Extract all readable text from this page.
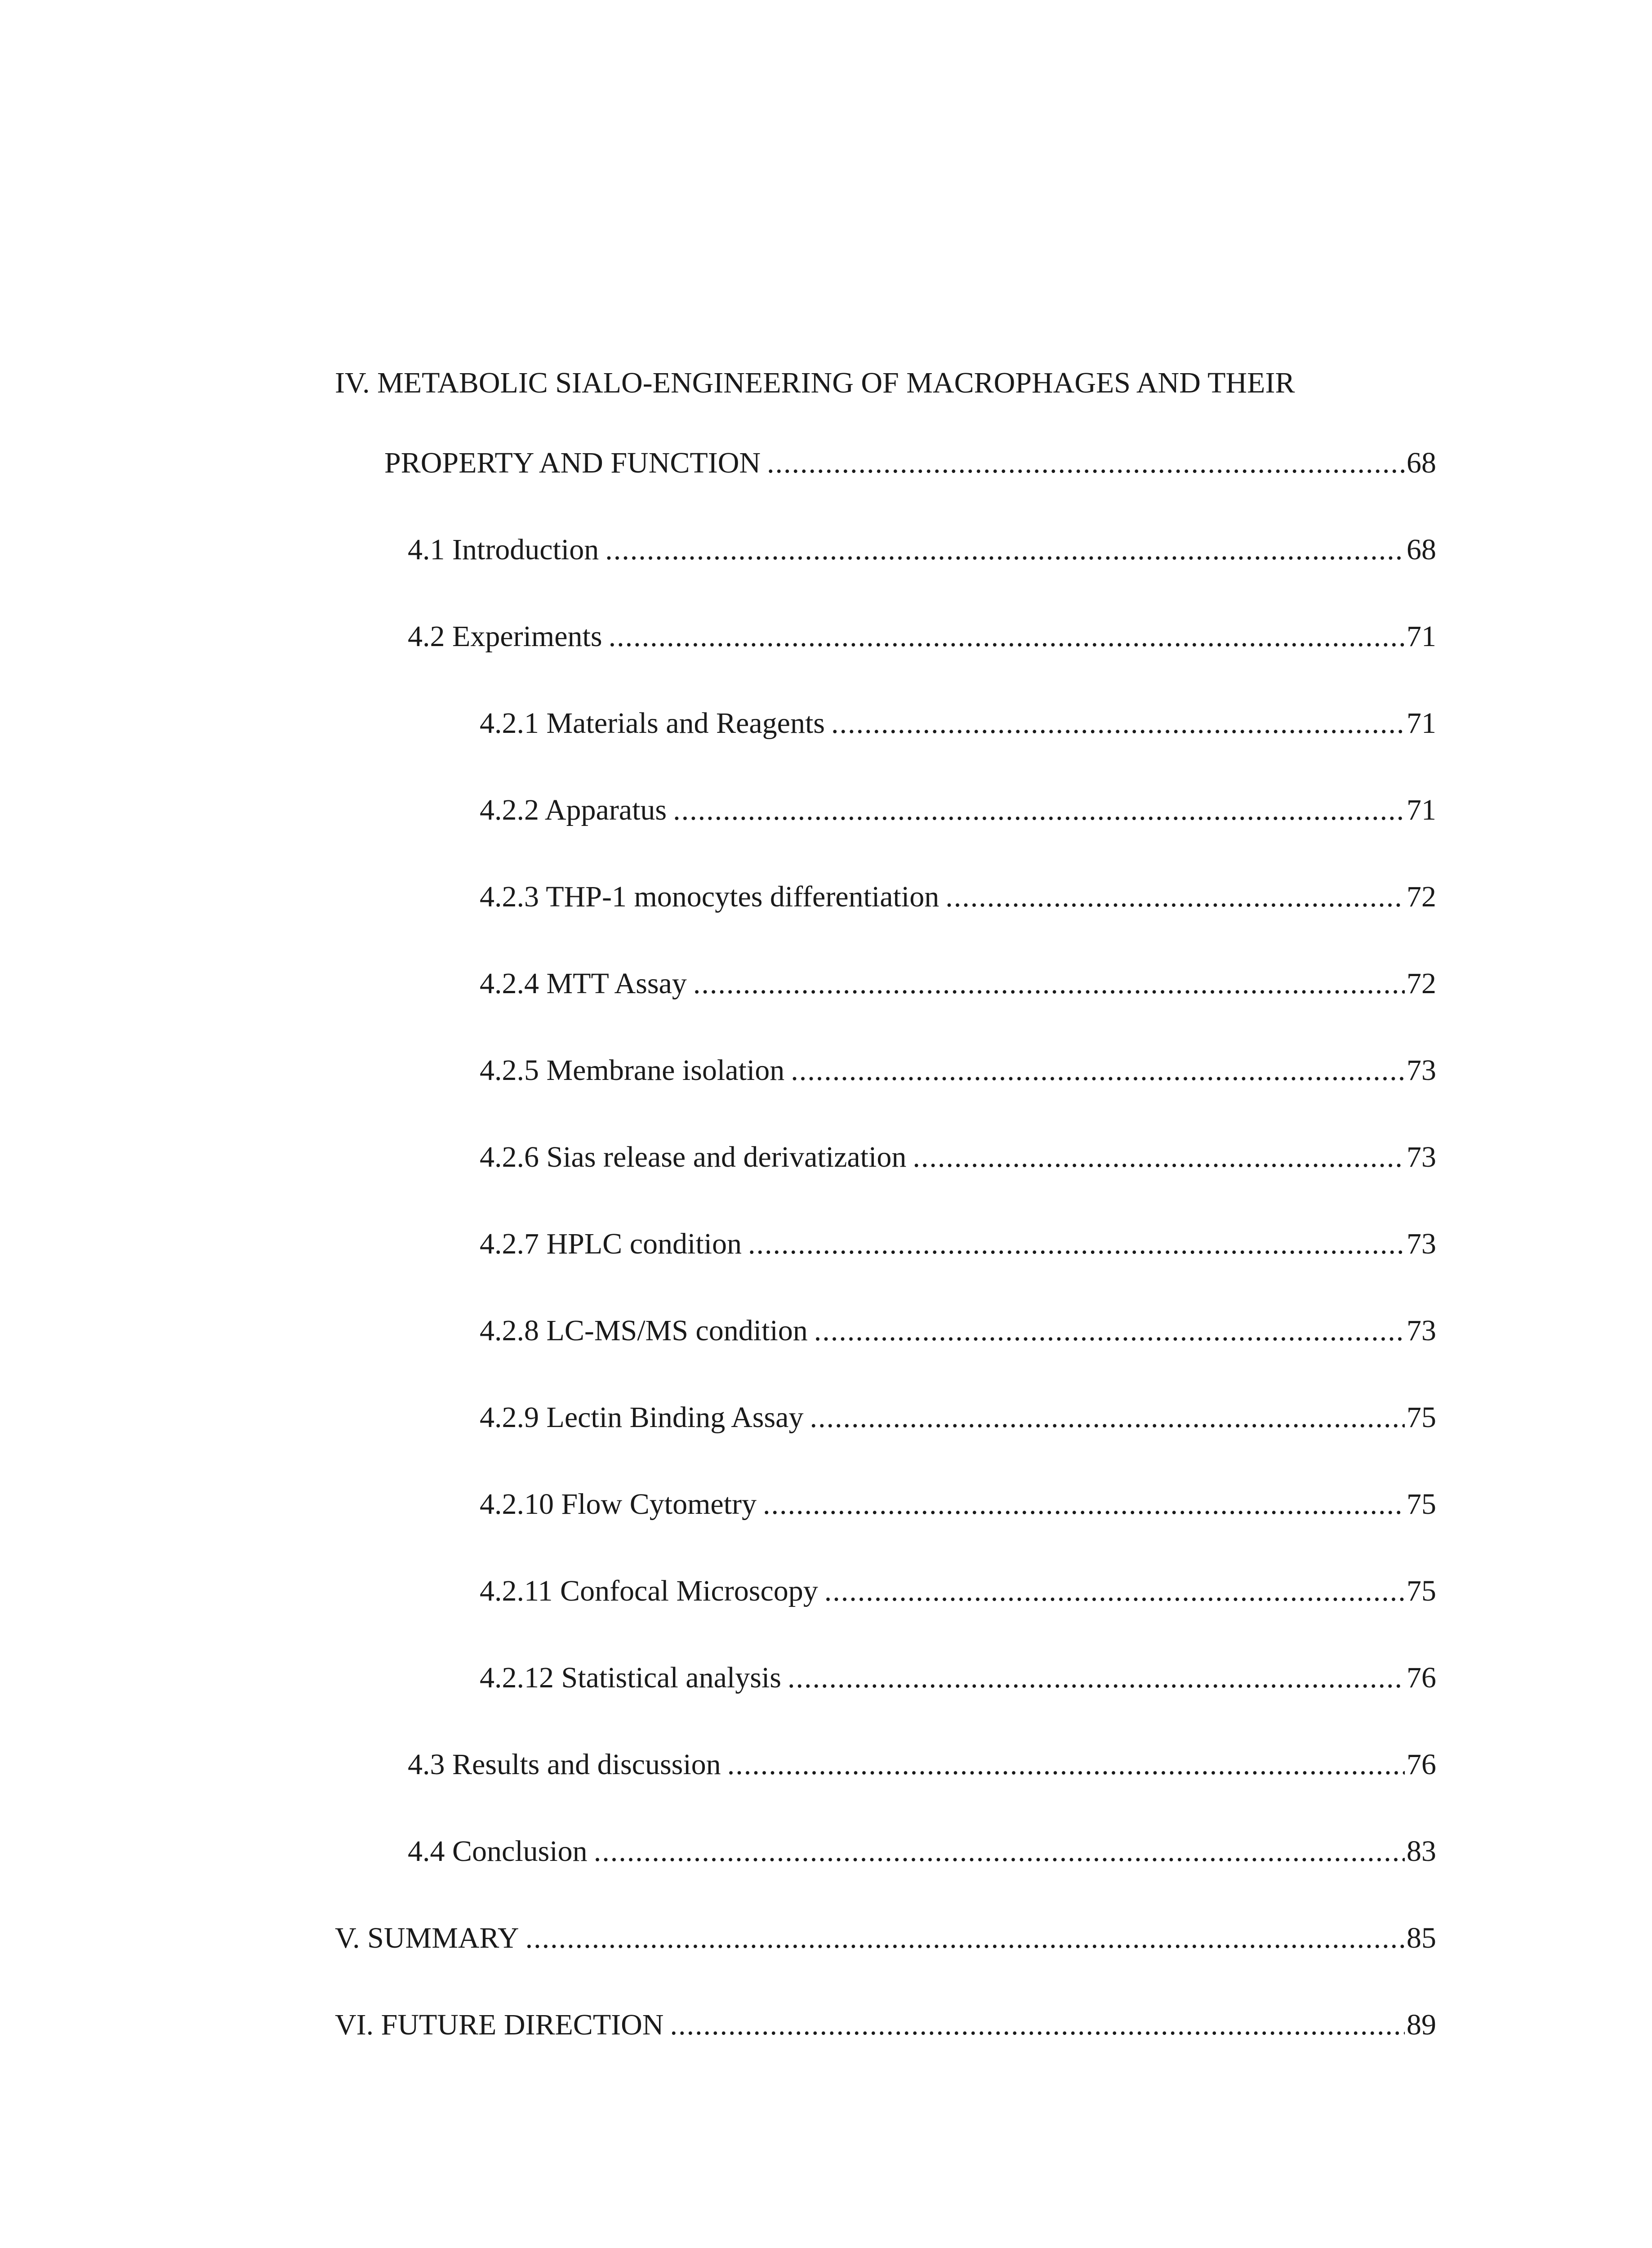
IV. METABOLIC SIALO-ENGINEERING OF MACROPHAGES AND THEIR
PROPERTY AND FUNCTION .....	68
4.1 Introduction .....	68
4.2 Experiments .....	71
4.2.1 Materials and Reagents .....	71
4.2.2 Apparatus .....	71
4.2.3 THP-1 monocytes differentiation .....	72
4.2.4 MTT Assay .....	72
4.2.5 Membrane isolation .....	73
4.2.6 Sias release and derivatization .....	73
4.2.7 HPLC condition .....	73
4.2.8 LC-MS/MS condition .....	73
4.2.9 Lectin Binding Assay .....	75
4.2.10 Flow Cytometry .....	75
4.2.11 Confocal Microscopy .....	75
4.2.12 Statistical analysis .....	76
4.3 Results and discussion .....	76
4.4 Conclusion .....	83
V. SUMMARY .....	85
VI. FUTURE DIRECTION .....	89
